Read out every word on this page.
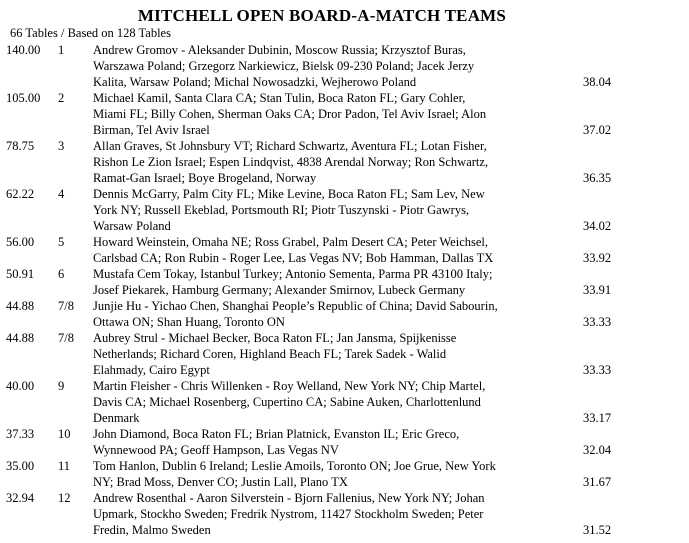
MITCHELL OPEN BOARD-A-MATCH TEAMS
66 Tables / Based on 128 Tables
140.00	1	Andrew Gromov - Aleksander Dubinin, Moscow Russia; Krzysztof Buras, Warszawa Poland; Grzegorz Narkiewicz, Bielsk 09-230 Poland; Jacek Jerzy Kalita, Warsaw Poland; Michal Nowosadzki, Wejherowo Poland	38.04
105.00	2	Michael Kamil, Santa Clara CA; Stan Tulin, Boca Raton FL; Gary Cohler, Miami FL; Billy Cohen, Sherman Oaks CA; Dror Padon, Tel Aviv Israel; Alon Birman, Tel Aviv Israel	37.02
78.75	3	Allan Graves, St Johnsbury VT; Richard Schwartz, Aventura FL; Lotan Fisher, Rishon Le Zion Israel; Espen Lindqvist, 4838 Arendal Norway; Ron Schwartz, Ramat-Gan Israel; Boye Brogeland, Norway	36.35
62.22	4	Dennis McGarry, Palm City FL; Mike Levine, Boca Raton FL; Sam Lev, New York NY; Russell Ekeblad, Portsmouth RI; Piotr Tuszynski - Piotr Gawrys, Warsaw Poland	34.02
56.00	5	Howard Weinstein, Omaha NE; Ross Grabel, Palm Desert CA; Peter Weichsel, Carlsbad CA; Ron Rubin - Roger Lee, Las Vegas NV; Bob Hamman, Dallas TX	33.92
50.91	6	Mustafa Cem Tokay, Istanbul Turkey; Antonio Sementa, Parma PR 43100 Italy; Josef Piekarek, Hamburg Germany; Alexander Smirnov, Lubeck Germany	33.91
44.88	7/8	Junjie Hu - Yichao Chen, Shanghai People’s Republic of China; David Sabourin, Ottawa ON; Shan Huang, Toronto ON	33.33
44.88	7/8	Aubrey Strul - Michael Becker, Boca Raton FL; Jan Jansma, Spijkenisse Netherlands; Richard Coren, Highland Beach FL; Tarek Sadek - Walid Elahmady, Cairo Egypt	33.33
40.00	9	Martin Fleisher - Chris Willenken - Roy Welland, New York NY; Chip Martel, Davis CA; Michael Rosenberg, Cupertino CA; Sabine Auken, Charlottenlund Denmark	33.17
37.33	10	John Diamond, Boca Raton FL; Brian Platnick, Evanston IL; Eric Greco, Wynnewood PA; Geoff Hampson, Las Vegas NV	32.04
35.00	11	Tom Hanlon, Dublin 6 Ireland; Leslie Amoils, Toronto ON; Joe Grue, New York NY; Brad Moss, Denver CO; Justin Lall, Plano TX	31.67
32.94	12	Andrew Rosenthal - Aaron Silverstein - Bjorn Fallenius, New York NY; Johan Upmark, Stockho Sweden; Fredrik Nystrom, 11427 Stockholm Sweden; Peter Fredin, Malmo Sweden	31.52
